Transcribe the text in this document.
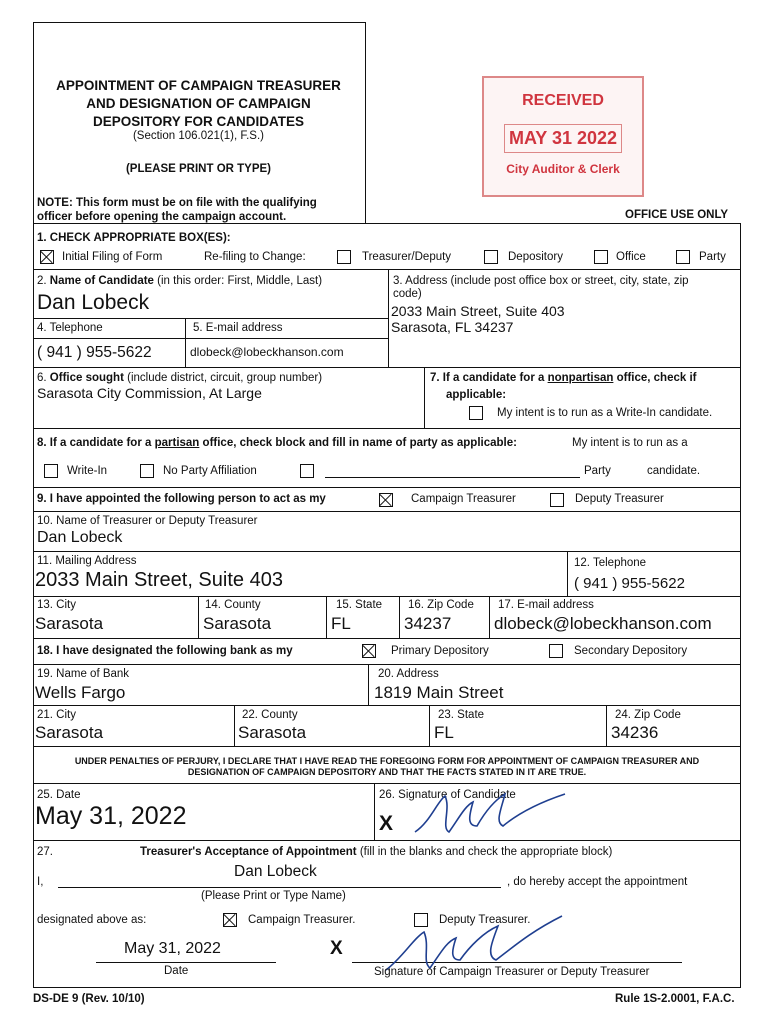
APPOINTMENT OF CAMPAIGN TREASURER
AND DESIGNATION OF CAMPAIGN
DEPOSITORY FOR CANDIDATES
(Section 106.021(1), F.S.)
(PLEASE PRINT OR TYPE)
NOTE: This form must be on file with the qualifying
officer before opening the campaign account.	OFFICE USE ONLY
RECEIVED
MAY 31 2022
City Auditor & Clerk
1. CHECK APPROPRIATE BOX(ES):
Initial Filing of Form	Re-filing to Change:	Treasurer/Deputy	Depository	Office	Party
2. Name of Candidate (in this order: First, Middle, Last)
Dan Lobeck
3. Address (include post office box or street, city, state, zip
code)
2033 Main Street, Suite 403
Sarasota, FL 34237
4. Telephone
( 941 ) 955-5622
5. E-mail address
dlobeck@lobeckhanson.com
6. Office sought (include district, circuit, group number)
Sarasota City Commission, At Large
7. If a candidate for a nonpartisan office, check if
applicable:
My intent is to run as a Write-In candidate.
8. If a candidate for a partisan office, check block and fill in name of party as applicable:	My intent is to run as a
Write-In	No Party Affiliation	Party	candidate.
9. I have appointed the following person to act as my	Campaign Treasurer	Deputy Treasurer
10. Name of Treasurer or Deputy Treasurer
Dan Lobeck
11. Mailing Address
2033 Main Street, Suite 403
12. Telephone
( 941 ) 955-5622
13. City
Sarasota
14. County
Sarasota
15. State
FL
16. Zip Code
34237
17. E-mail address
dlobeck@lobeckhanson.com
18. I have designated the following bank as my	Primary Depository	Secondary Depository
19. Name of Bank
Wells Fargo
20. Address
1819 Main Street
21. City
Sarasota
22. County
Sarasota
23. State
FL
24. Zip Code
34236
UNDER PENALTIES OF PERJURY, I DECLARE THAT I HAVE READ THE FOREGOING FORM FOR APPOINTMENT OF CAMPAIGN TREASURER AND
DESIGNATION OF CAMPAIGN DEPOSITORY AND THAT THE FACTS STATED IN IT ARE TRUE.
25. Date
May 31, 2022
26. Signature of Candidate
X
27.	Treasurer's Acceptance of Appointment (fill in the blanks and check the appropriate block)
I,
Dan Lobeck
, do hereby accept the appointment
(Please Print or Type Name)
designated above as:	Campaign Treasurer.	Deputy Treasurer.
May 31, 2022
Date
X
Signature of Campaign Treasurer or Deputy Treasurer
DS-DE 9 (Rev. 10/10)	Rule 1S-2.0001, F.A.C.
